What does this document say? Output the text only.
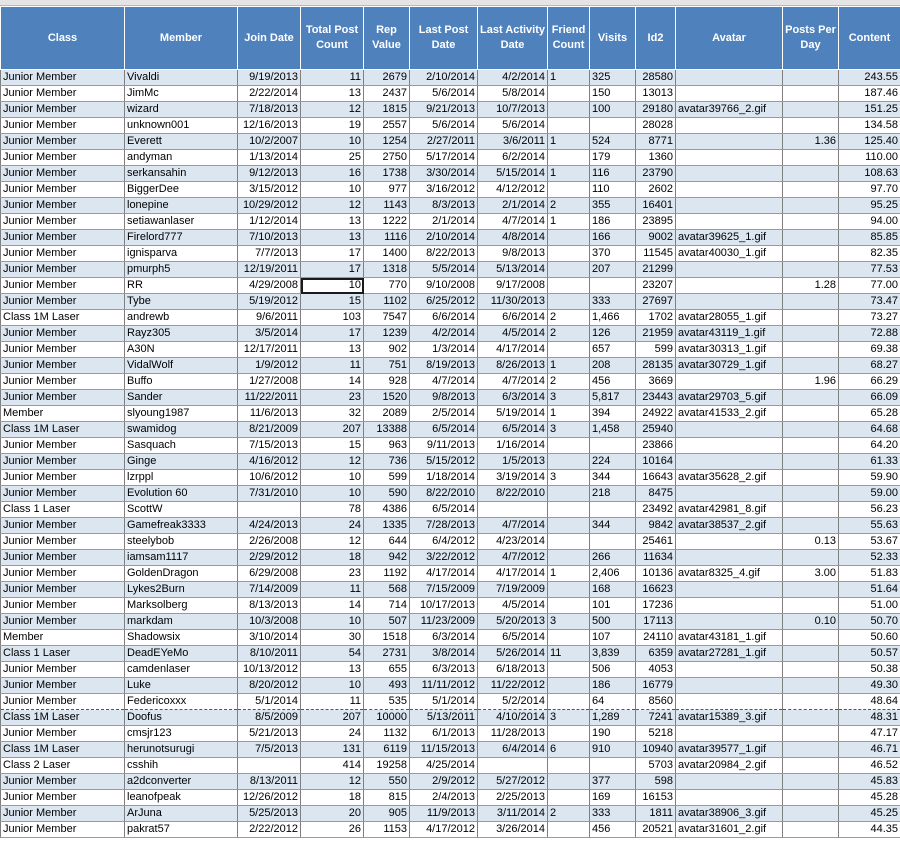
Class	Member	Join Date	Total Post Count	Rep Value	Last Post Date	Last Activity Date	Friend Count	Visits	Id2	Avatar	Posts Per Day	Content
Junior Member	Vivaldi	9/19/2013	11	2679	2/10/2014	4/2/2014	1	325	28580			243.55
Junior Member	JimMc	2/22/2014	13	2437	5/6/2014	5/8/2014		150	13013			187.46
Junior Member	wizard	7/18/2013	12	1815	9/21/2013	10/7/2013		100	29180	avatar39766_2.gif		151.25
Junior Member	unknown001	12/16/2013	19	2557	5/6/2014	5/6/2014			28028			134.58
Junior Member	Everett	10/2/2007	10	1254	2/27/2011	3/6/2011	1	524	8771		1.36	125.40
Junior Member	andyman	1/13/2014	25	2750	5/17/2014	6/2/2014		179	1360			110.00
Junior Member	serkansahin	9/12/2013	16	1738	3/30/2014	5/15/2014	1	116	23790			108.63
Junior Member	BiggerDee	3/15/2012	10	977	3/16/2012	4/12/2012		110	2602			97.70
Junior Member	lonepine	10/29/2012	12	1143	8/3/2013	2/1/2014	2	355	16401			95.25
Junior Member	setiawanlaser	1/12/2014	13	1222	2/1/2014	4/7/2014	1	186	23895			94.00
Junior Member	Firelord777	7/10/2013	13	1116	2/10/2014	4/8/2014		166	9002	avatar39625_1.gif		85.85
Junior Member	ignisparva	7/7/2013	17	1400	8/22/2013	9/8/2013		370	11545	avatar40030_1.gif		82.35
Junior Member	pmurph5	12/19/2011	17	1318	5/5/2014	5/13/2014		207	21299			77.53
Junior Member	RR	4/29/2008	10	770	9/10/2008	9/17/2008			23207		1.28	77.00
Junior Member	Tybe	5/19/2012	15	1102	6/25/2012	11/30/2013		333	27697			73.47
Class 1M Laser	andrewb	9/6/2011	103	7547	6/6/2014	6/6/2014	2	1,466	1702	avatar28055_1.gif		73.27
Junior Member	Rayz305	3/5/2014	17	1239	4/2/2014	4/5/2014	2	126	21959	avatar43119_1.gif		72.88
Junior Member	A30N	12/17/2011	13	902	1/3/2014	4/17/2014		657	599	avatar30313_1.gif		69.38
Junior Member	VidalWolf	1/9/2012	11	751	8/19/2013	8/26/2013	1	208	28135	avatar30729_1.gif		68.27
Junior Member	Buffo	1/27/2008	14	928	4/7/2014	4/7/2014	2	456	3669		1.96	66.29
Junior Member	Sander	11/22/2011	23	1520	9/8/2013	6/3/2014	3	5,817	23443	avatar29703_5.gif		66.09
Member	slyoung1987	11/6/2013	32	2089	2/5/2014	5/19/2014	1	394	24922	avatar41533_2.gif		65.28
Class 1M Laser	swamidog	8/21/2009	207	13388	6/5/2014	6/5/2014	3	1,458	25940			64.68
Junior Member	Sasquach	7/15/2013	15	963	9/11/2013	1/16/2014			23866			64.20
Junior Member	Ginge	4/16/2012	12	736	5/15/2012	1/5/2013		224	10164			61.33
Junior Member	lzrppl	10/6/2012	10	599	1/18/2014	3/19/2014	3	344	16643	avatar35628_2.gif		59.90
Junior Member	Evolution 60	7/31/2010	10	590	8/22/2010	8/22/2010		218	8475			59.00
Class 1 Laser	ScottW		78	4386	6/5/2014				23492	avatar42981_8.gif		56.23
Junior Member	Gamefreak3333	4/24/2013	24	1335	7/28/2013	4/7/2014		344	9842	avatar38537_2.gif		55.63
Junior Member	steelybob	2/26/2008	12	644	6/4/2012	4/23/2014			25461		0.13	53.67
Junior Member	iamsam1117	2/29/2012	18	942	3/22/2012	4/7/2012		266	11634			52.33
Junior Member	GoldenDragon	6/29/2008	23	1192	4/17/2014	4/17/2014	1	2,406	10136	avatar8325_4.gif	3.00	51.83
Junior Member	Lykes2Burn	7/14/2009	11	568	7/15/2009	7/19/2009		168	16623			51.64
Junior Member	Marksolberg	8/13/2013	14	714	10/17/2013	4/5/2014		101	17236			51.00
Junior Member	markdam	10/3/2008	10	507	11/23/2009	5/20/2013	3	500	17113		0.10	50.70
Member	Shadowsix	3/10/2014	30	1518	6/3/2014	6/5/2014		107	24110	avatar43181_1.gif		50.60
Class 1 Laser	DeadEYeMo	8/10/2011	54	2731	3/8/2014	5/26/2014	11	3,839	6359	avatar27281_1.gif		50.57
Junior Member	camdenlaser	10/13/2012	13	655	6/3/2013	6/18/2013		506	4053			50.38
Junior Member	Luke	8/20/2012	10	493	11/11/2012	11/22/2012		186	16779			49.30
Junior Member	Federicoxxx	5/1/2014	11	535	5/1/2014	5/2/2014		64	8560			48.64
Class 1M Laser	Doofus	8/5/2009	207	10000	5/13/2011	4/10/2014	3	1,289	7241	avatar15389_3.gif		48.31
Junior Member	cmsjr123	5/21/2013	24	1132	6/1/2013	11/28/2013		190	5218			47.17
Class 1M Laser	herunotsurugi	7/5/2013	131	6119	11/15/2013	6/4/2014	6	910	10940	avatar39577_1.gif		46.71
Class 2 Laser	csshih		414	19258	4/25/2014				5703	avatar20984_2.gif		46.52
Junior Member	a2dconverter	8/13/2011	12	550	2/9/2012	5/27/2012		377	598			45.83
Junior Member	leanofpeak	12/26/2012	18	815	2/4/2013	2/25/2013		169	16153			45.28
Junior Member	ArJuna	5/25/2013	20	905	11/9/2013	3/11/2014	2	333	1811	avatar38906_3.gif		45.25
Junior Member	pakrat57	2/22/2012	26	1153	4/17/2012	3/26/2014		456	20521	avatar31601_2.gif		44.35
